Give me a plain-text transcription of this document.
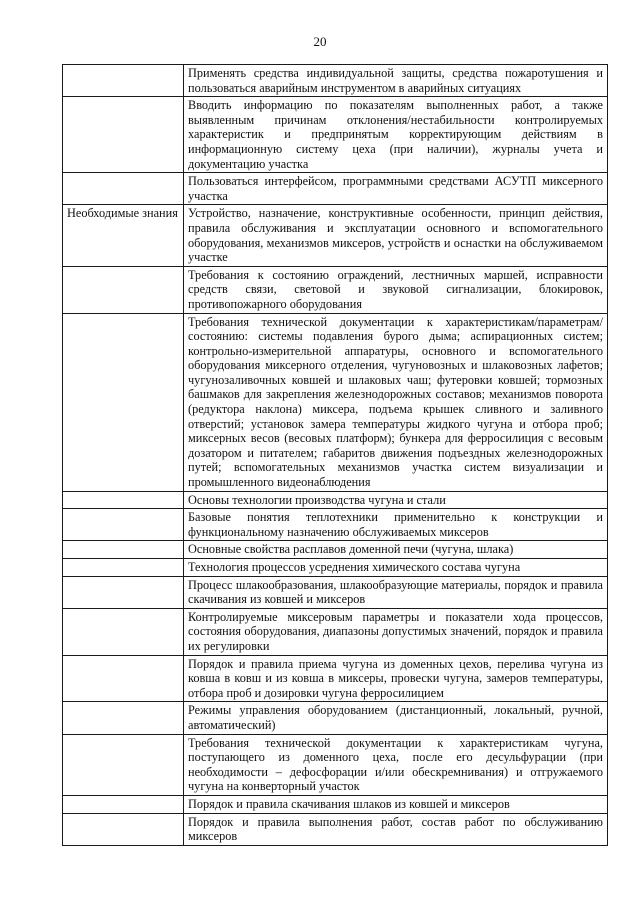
20
	Применять средства индивидуальной защиты, средства пожаротушения и пользоваться аварийным инструментом в аварийных ситуациях
	Вводить информацию по показателям выполненных работ, а также выявленным причинам отклонения/нестабильности контролируемых характеристик и предпринятым корректирующим действиям в информационную систему цеха (при наличии), журналы учета и документацию участка
	Пользоваться интерфейсом, программными средствами АСУТП миксерного участка
Необходимые знания	Устройство, назначение, конструктивные особенности, принцип действия, правила обслуживания и эксплуатации основного и вспомогательного оборудования, механизмов миксеров, устройств и оснастки на обслуживаемом участке
	Требования к состоянию ограждений, лестничных маршей, исправности средств связи, световой и звуковой сигнализации, блокировок, противопожарного оборудования
	Требования технической документации к характеристикам/параметрам/состоянию: системы подавления бурого дыма; аспирационных систем; контрольно-измерительной аппаратуры, основного и вспомогательного оборудования миксерного отделения, чугуновозных и шлаковозных лафетов; чугунозаливочных ковшей и шлаковых чаш; футеровки ковшей; тормозных башмаков для закрепления железнодорожных составов; механизмов поворота (редуктора наклона) миксера, подъема крышек сливного и заливного отверстий; установок замера температуры жидкого чугуна и отбора проб; миксерных весов (весовых платформ); бункера для ферросилиция с весовым дозатором и питателем; габаритов движения подъездных железнодорожных путей; вспомогательных механизмов участка систем визуализации и промышленного видеонаблюдения
	Основы технологии производства чугуна и стали
	Базовые понятия теплотехники применительно к конструкции и функциональному назначению обслуживаемых миксеров
	Основные свойства расплавов доменной печи (чугуна, шлака)
	Технология процессов усреднения химического состава чугуна
	Процесс шлакообразования, шлакообразующие материалы, порядок и правила скачивания из ковшей и миксеров
	Контролируемые миксеровым параметры и показатели хода процессов, состояния оборудования, диапазоны допустимых значений, порядок и правила их регулировки
	Порядок и правила приема чугуна из доменных цехов, перелива чугуна из ковша в ковш и из ковша в миксеры, провески чугуна, замеров температуры, отбора проб и дозировки чугуна ферросилицием
	Режимы управления оборудованием (дистанционный, локальный, ручной, автоматический)
	Требования технической документации к характеристикам чугуна, поступающего из доменного цеха, после его десульфурации (при необходимости – дефосфорации и/или обескремнивания) и отгружаемого чугуна на конверторный участок
	Порядок и правила скачивания шлаков из ковшей и миксеров
	Порядок и правила выполнения работ, состав работ по обслуживанию миксеров
